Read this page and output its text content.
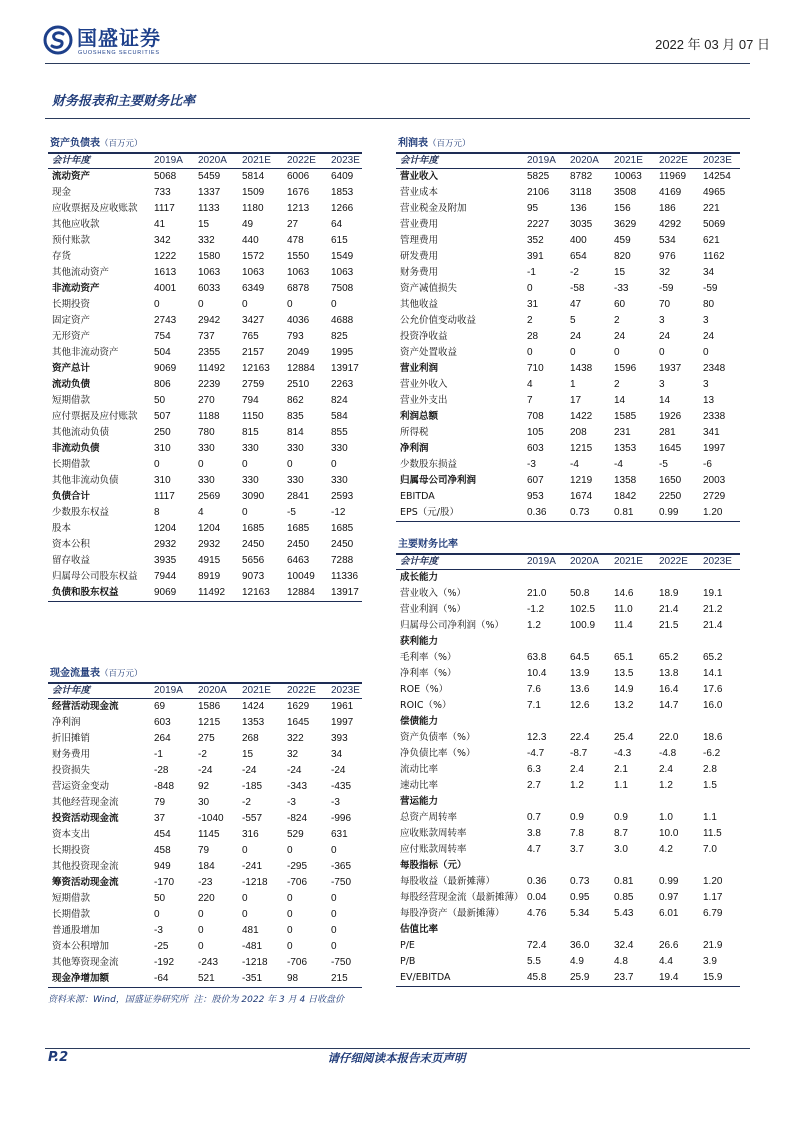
国盛证券
GUOSHENG SECURITIES
2022 年 03 月 07 日
财务报表和主要财务比率
资产负债表（百万元）
会计年度	2019A	2020A	2021E	2022E	2023E
流动资产	5068	5459	5814	6006	6409
现金	733	1337	1509	1676	1853
应收票据及应收账款	1117	1133	1180	1213	1266
其他应收款	41	15	49	27	64
预付账款	342	332	440	478	615
存货	1222	1580	1572	1550	1549
其他流动资产	1613	1063	1063	1063	1063
非流动资产	4001	6033	6349	6878	7508
长期投资	0	0	0	0	0
固定资产	2743	2942	3427	4036	4688
无形资产	754	737	765	793	825
其他非流动资产	504	2355	2157	2049	1995
资产总计	9069	11492	12163	12884	13917
流动负债	806	2239	2759	2510	2263
短期借款	50	270	794	862	824
应付票据及应付账款	507	1188	1150	835	584
其他流动负债	250	780	815	814	855
非流动负债	310	330	330	330	330
长期借款	0	0	0	0	0
其他非流动负债	310	330	330	330	330
负债合计	1117	2569	3090	2841	2593
少数股东权益	8	4	0	-5	-12
股本	1204	1204	1685	1685	1685
资本公积	2932	2932	2450	2450	2450
留存收益	3935	4915	5656	6463	7288
归属母公司股东权益	7944	8919	9073	10049	11336
负债和股东权益	9069	11492	12163	12884	13917
利润表（百万元）
会计年度	2019A	2020A	2021E	2022E	2023E
营业收入	5825	8782	10063	11969	14254
营业成本	2106	3118	3508	4169	4965
营业税金及附加	95	136	156	186	221
营业费用	2227	3035	3629	4292	5069
管理费用	352	400	459	534	621
研发费用	391	654	820	976	1162
财务费用	-1	-2	15	32	34
资产减值损失	0	-58	-33	-59	-59
其他收益	31	47	60	70	80
公允价值变动收益	2	5	2	3	3
投资净收益	28	24	24	24	24
资产处置收益	0	0	0	0	0
营业利润	710	1438	1596	1937	2348
营业外收入	4	1	2	3	3
营业外支出	7	17	14	14	13
利润总额	708	1422	1585	1926	2338
所得税	105	208	231	281	341
净利润	603	1215	1353	1645	1997
少数股东损益	-3	-4	-4	-5	-6
归属母公司净利润	607	1219	1358	1650	2003
EBITDA	953	1674	1842	2250	2729
EPS（元/股）	0.36	0.73	0.81	0.99	1.20
主要财务比率
会计年度	2019A	2020A	2021E	2022E	2023E
成长能力
营业收入（%）	21.0	50.8	14.6	18.9	19.1
营业利润（%）	-1.2	102.5	11.0	21.4	21.2
归属母公司净利润（%）	1.2	100.9	11.4	21.5	21.4
获利能力
毛利率（%）	63.8	64.5	65.1	65.2	65.2
净利率（%）	10.4	13.9	13.5	13.8	14.1
ROE（%）	7.6	13.6	14.9	16.4	17.6
ROIC（%）	7.1	12.6	13.2	14.7	16.0
偿债能力
资产负债率（%）	12.3	22.4	25.4	22.0	18.6
净负债比率（%）	-4.7	-8.7	-4.3	-4.8	-6.2
流动比率	6.3	2.4	2.1	2.4	2.8
速动比率	2.7	1.2	1.1	1.2	1.5
营运能力
总资产周转率	0.7	0.9	0.9	1.0	1.1
应收账款周转率	3.8	7.8	8.7	10.0	11.5
应付账款周转率	4.7	3.7	3.0	4.2	7.0
每股指标（元）
每股收益（最新摊薄）	0.36	0.73	0.81	0.99	1.20
每股经营现金流（最新摊薄） 0.04	0.95	0.85	0.97	1.17
每股净资产（最新摊薄）	4.76	5.34	5.43	6.01	6.79
估值比率
P/E	72.4	36.0	32.4	26.6	21.9
P/B	5.5	4.9	4.8	4.4	3.9
EV/EBITDA	45.8	25.9	23.7	19.4	15.9
现金流量表（百万元）
会计年度	2019A	2020A	2021E	2022E	2023E
经营活动现金流	69	1586	1424	1629	1961
净利润	603	1215	1353	1645	1997
折旧摊销	264	275	268	322	393
财务费用	-1	-2	15	32	34
投资损失	-28	-24	-24	-24	-24
营运资金变动	-848	92	-185	-343	-435
其他经营现金流	79	30	-2	-3	-3
投资活动现金流	37	-1040	-557	-824	-996
资本支出	454	1145	316	529	631
长期投资	458	79	0	0	0
其他投资现金流	949	184	-241	-295	-365
筹资活动现金流	-170	-23	-1218	-706	-750
短期借款	50	220	0	0	0
长期借款	0	0	0	0	0
普通股增加	-3	0	481	0	0
资本公积增加	-25	0	-481	0	0
其他筹资现金流	-192	-243	-1218	-706	-750
现金净增加额	-64	521	-351	98	215
资料来源：Wind，国盛证券研究所  注：股价为 2022 年 3 月 4 日收盘价
P.2	请仔细阅读本报告末页声明
